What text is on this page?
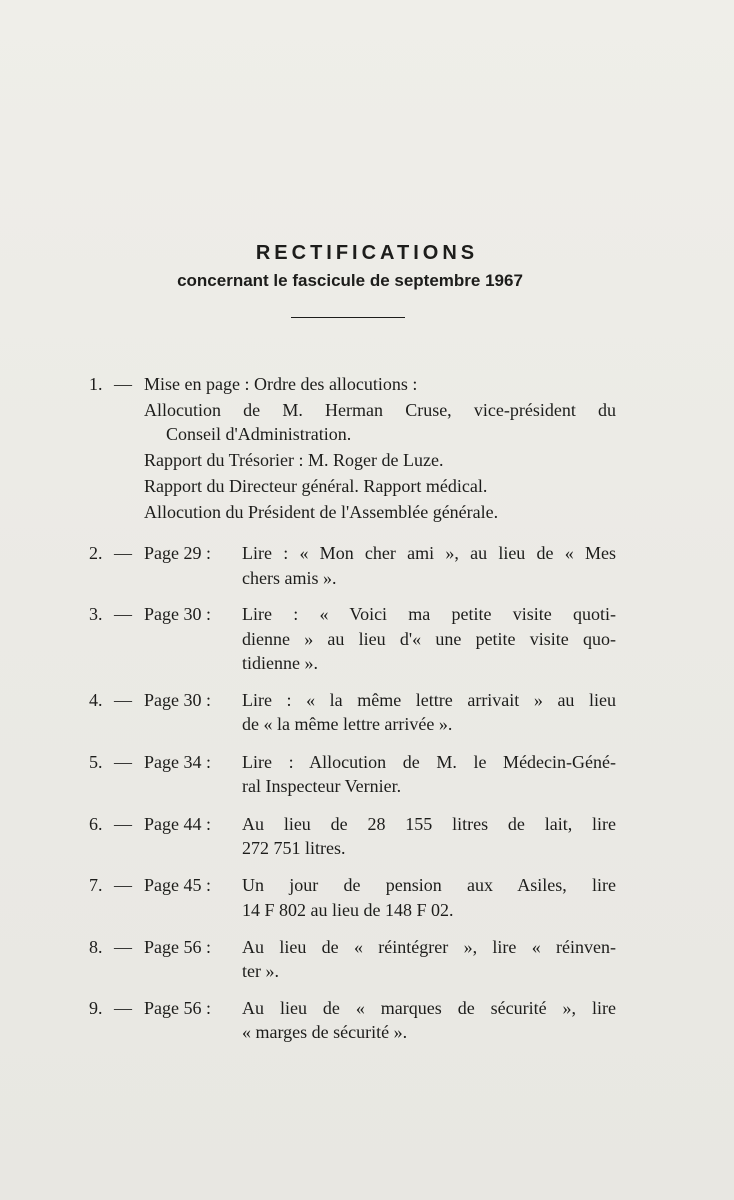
RECTIFICATIONS
concernant le fascicule de septembre 1967
1. — Mise en page : Ordre des allocutions :
Allocution de M. Herman Cruse, vice-président du
Conseil d'Administration.
Rapport du Trésorier : M. Roger de Luze.
Rapport du Directeur général. Rapport médical.
Allocution du Président de l'Assemblée générale.
2. — Page 29 : Lire : « Mon cher ami », au lieu de « Mes
chers amis ».
3. — Page 30 : Lire : « Voici ma petite visite quoti-
dienne » au lieu d'« une petite visite quo-
tidienne ».
4. — Page 30 : Lire : « la même lettre arrivait » au lieu
de « la même lettre arrivée ».
5. — Page 34 : Lire : Allocution de M. le Médecin-Géné-
ral Inspecteur Vernier.
6. — Page 44 : Au lieu de 28 155 litres de lait, lire
272 751 litres.
7. — Page 45 : Un jour de pension aux Asiles, lire
14 F 802 au lieu de 148 F 02.
8. — Page 56 : Au lieu de « réintégrer », lire « réinven-
ter ».
9. — Page 56 : Au lieu de « marques de sécurité », lire
« marges de sécurité ».
